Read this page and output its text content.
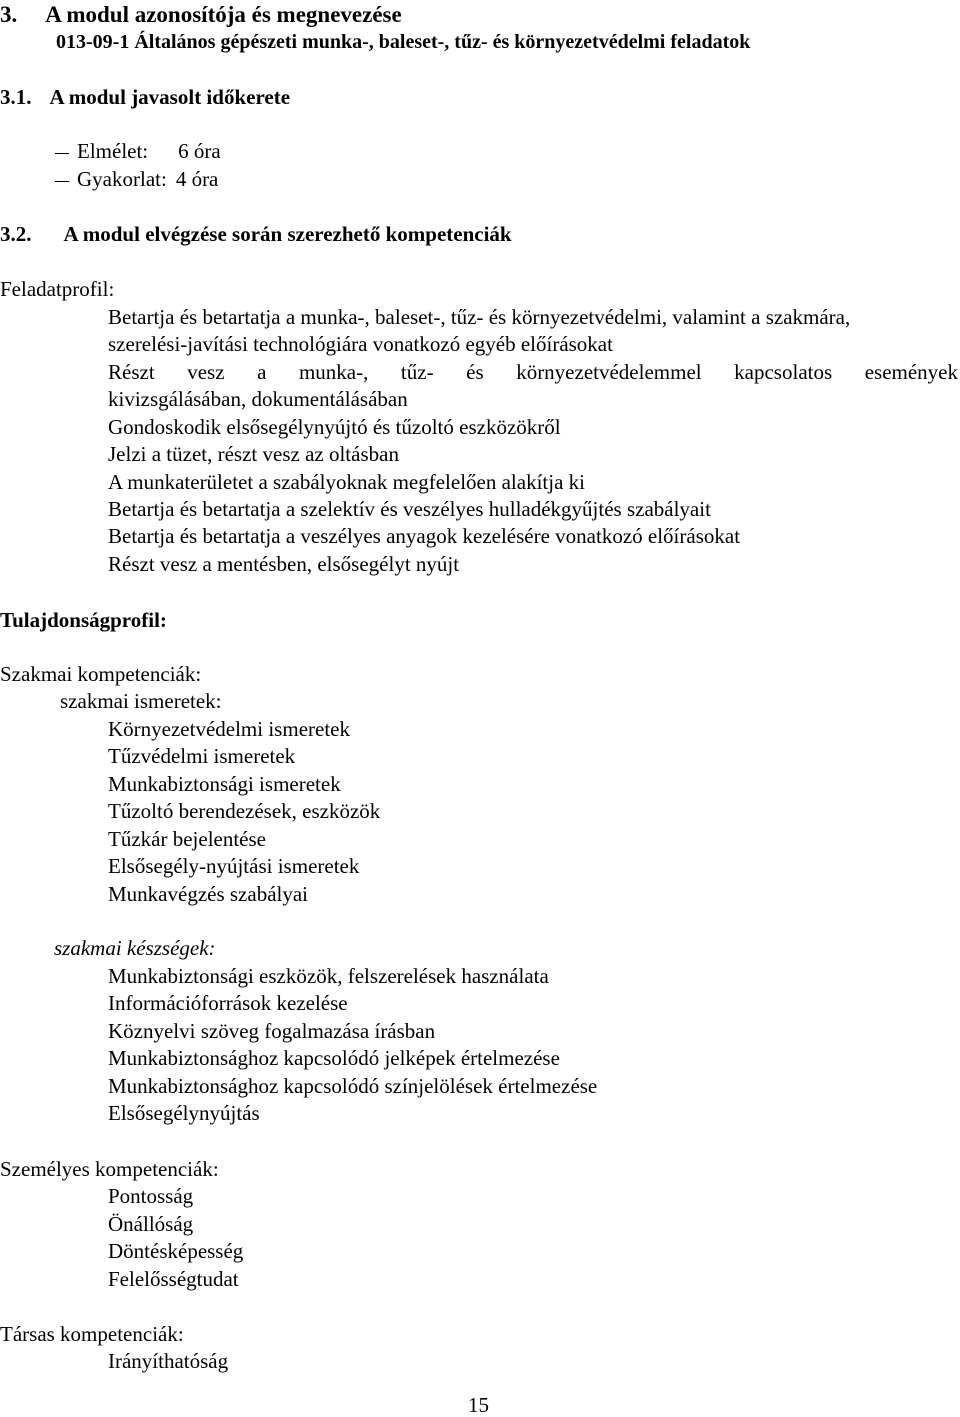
3. A modul azonosítója és megnevezése
013-09-1 Általános gépészeti munka-, baleset-, tűz- és környezetvédelmi feladatok
3.1. A modul javasolt időkerete
Elmélet: 6 óra
Gyakorlat: 4 óra
3.2. A modul elvégzése során szerezhető kompetenciák
Feladatprofil:
Betartja és betartatja a munka-, baleset-, tűz- és környezetvédelmi, valamint a szakmára,
szerelési-javítási technológiára vonatkozó egyéb előírásokat
Részt vesz a munka-, tűz- és környezetvédelemmel kapcsolatos események
kivizsgálásában, dokumentálásában
Gondoskodik elsősegélynyújtó és tűzoltó eszközökről
Jelzi a tüzet, részt vesz az oltásban
A munkaterületet a szabályoknak megfelelően alakítja ki
Betartja és betartatja a szelektív és veszélyes hulladékgyűjtés szabályait
Betartja és betartatja a veszélyes anyagok kezelésére vonatkozó előírásokat
Részt vesz a mentésben, elsősegélyt nyújt
Tulajdonságprofil:
Szakmai kompetenciák:
szakmai ismeretek:
Környezetvédelmi ismeretek
Tűzvédelmi ismeretek
Munkabiztonsági ismeretek
Tűzoltó berendezések, eszközök
Tűzkár bejelentése
Elsősegély-nyújtási ismeretek
Munkavégzés szabályai
szakmai készségek:
Munkabiztonsági eszközök, felszerelések használata
Információforrások kezelése
Köznyelvi szöveg fogalmazása írásban
Munkabiztonsághoz kapcsolódó jelképek értelmezése
Munkabiztonsághoz kapcsolódó színjelölések értelmezése
Elsősegélynyújtás
Személyes kompetenciák:
Pontosság
Önállóság
Döntésképesség
Felelősségtudat
Társas kompetenciák:
Irányíthatóság
15
